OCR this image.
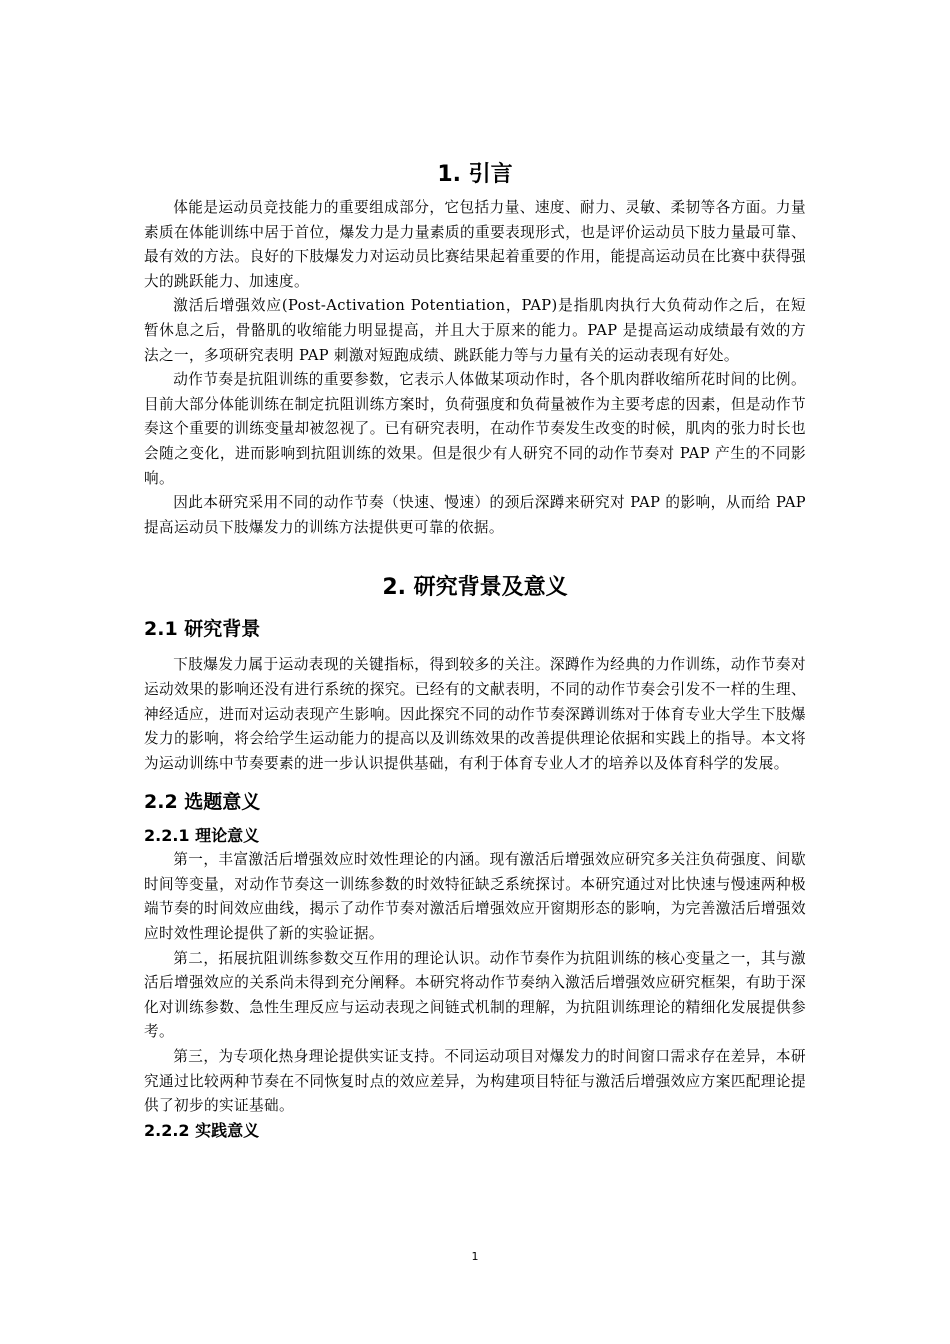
1. 引言

体能是运动员竞技能力的重要组成部分，它包括力量、速度、耐力、灵敏、柔韧等各方面。力量素质在体能训练中居于首位，爆发力是力量素质的重要表现形式，也是评价运动员下肢力量最可靠、最有效的方法。良好的下肢爆发力对运动员比赛结果起着重要的作用，能提高运动员在比赛中获得强大的跳跃能力、加速度。

激活后增强效应(Post-Activation Potentiation，PAP)是指肌肉执行大负荷动作之后，在短暂休息之后，骨骼肌的收缩能力明显提高，并且大于原来的能力。PAP 是提高运动成绩最有效的方法之一，多项研究表明 PAP 刺激对短跑成绩、跳跃能力等与力量有关的运动表现有好处。

动作节奏是抗阻训练的重要参数，它表示人体做某项动作时，各个肌肉群收缩所花时间的比例。目前大部分体能训练在制定抗阻训练方案时，负荷强度和负荷量被作为主要考虑的因素，但是动作节奏这个重要的训练变量却被忽视了。已有研究表明，在动作节奏发生改变的时候，肌肉的张力时长也会随之变化，进而影响到抗阻训练的效果。但是很少有人研究不同的动作节奏对 PAP 产生的不同影响。

因此本研究采用不同的动作节奏（快速、慢速）的颈后深蹲来研究对 PAP 的影响，从而给 PAP 提高运动员下肢爆发力的训练方法提供更可靠的依据。

2. 研究背景及意义
2.1 研究背景

下肢爆发力属于运动表现的关键指标，得到较多的关注。深蹲作为经典的力作训练，动作节奏对运动效果的影响还没有进行系统的探究。已经有的文献表明，不同的动作节奏会引发不一样的生理、神经适应，进而对运动表现产生影响。因此探究不同的动作节奏深蹲训练对于体育专业大学生下肢爆发力的影响，将会给学生运动能力的提高以及训练效果的改善提供理论依据和实践上的指导。本文将为运动训练中节奏要素的进一步认识提供基础，有利于体育专业人才的培养以及体育科学的发展。

2.2 选题意义
2.2.1 理论意义

第一，丰富激活后增强效应时效性理论的内涵。现有激活后增强效应研究多关注负荷强度、间歇时间等变量，对动作节奏这一训练参数的时效特征缺乏系统探讨。本研究通过对比快速与慢速两种极端节奏的时间效应曲线，揭示了动作节奏对激活后增强效应开窗期形态的影响，为完善激活后增强效应时效性理论提供了新的实验证据。

第二，拓展抗阻训练参数交互作用的理论认识。动作节奏作为抗阻训练的核心变量之一，其与激活后增强效应的关系尚未得到充分阐释。本研究将动作节奏纳入激活后增强效应研究框架，有助于深化对训练参数、急性生理反应与运动表现之间链式机制的理解，为抗阻训练理论的精细化发展提供参考。

第三，为专项化热身理论提供实证支持。不同运动项目对爆发力的时间窗口需求存在差异，本研究通过比较两种节奏在不同恢复时点的效应差异，为构建项目特征与激活后增强效应方案匹配理论提供了初步的实证基础。

2.2.2 实践意义
1
